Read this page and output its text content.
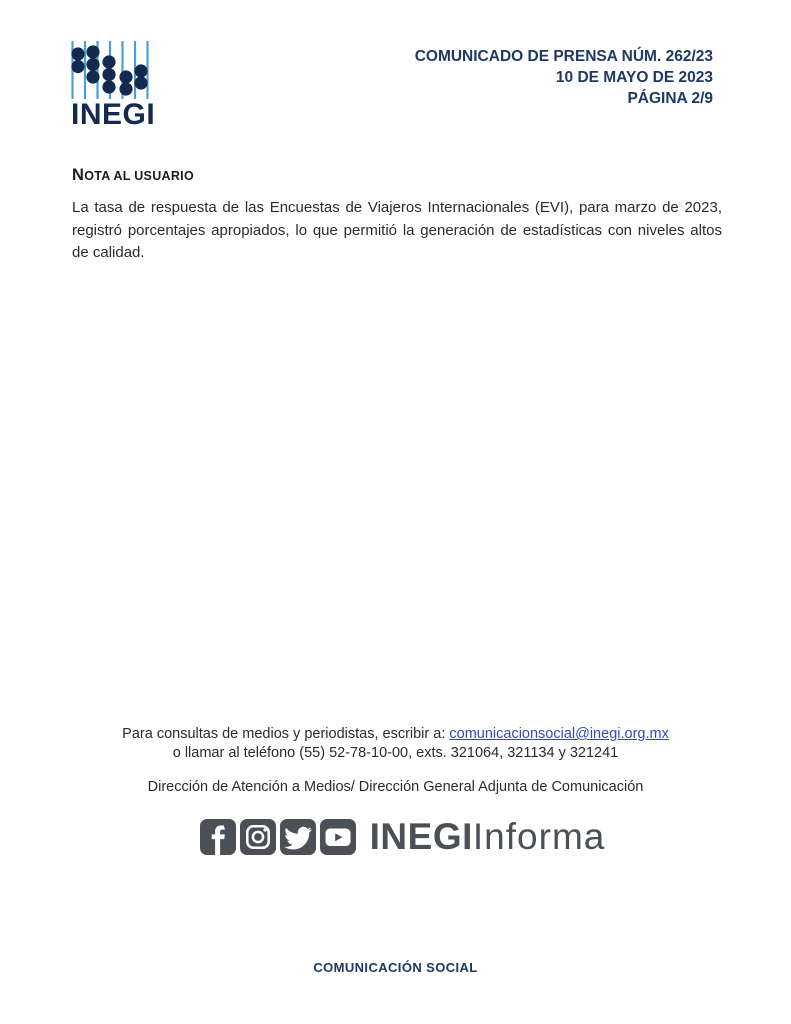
INEGI
COMUNICADO DE PRENSA NÚM. 262/23
10 DE MAYO DE 2023
PÁGINA 2/9
NOTA AL USUARIO

La tasa de respuesta de las Encuestas de Viajeros Internacionales (EVI), para marzo de 2023, registró porcentajes apropiados, lo que permitió la generación de estadísticas con niveles altos de calidad.

Para consultas de medios y periodistas, escribir a: comunicacionsocial@inegi.org.mx
o llamar al teléfono (55) 52-78-10-00, exts. 321064, 321134 y 321241
Dirección de Atención a Medios/ Dirección General Adjunta de Comunicación
INEGIInforma
COMUNICACIÓN SOCIAL
